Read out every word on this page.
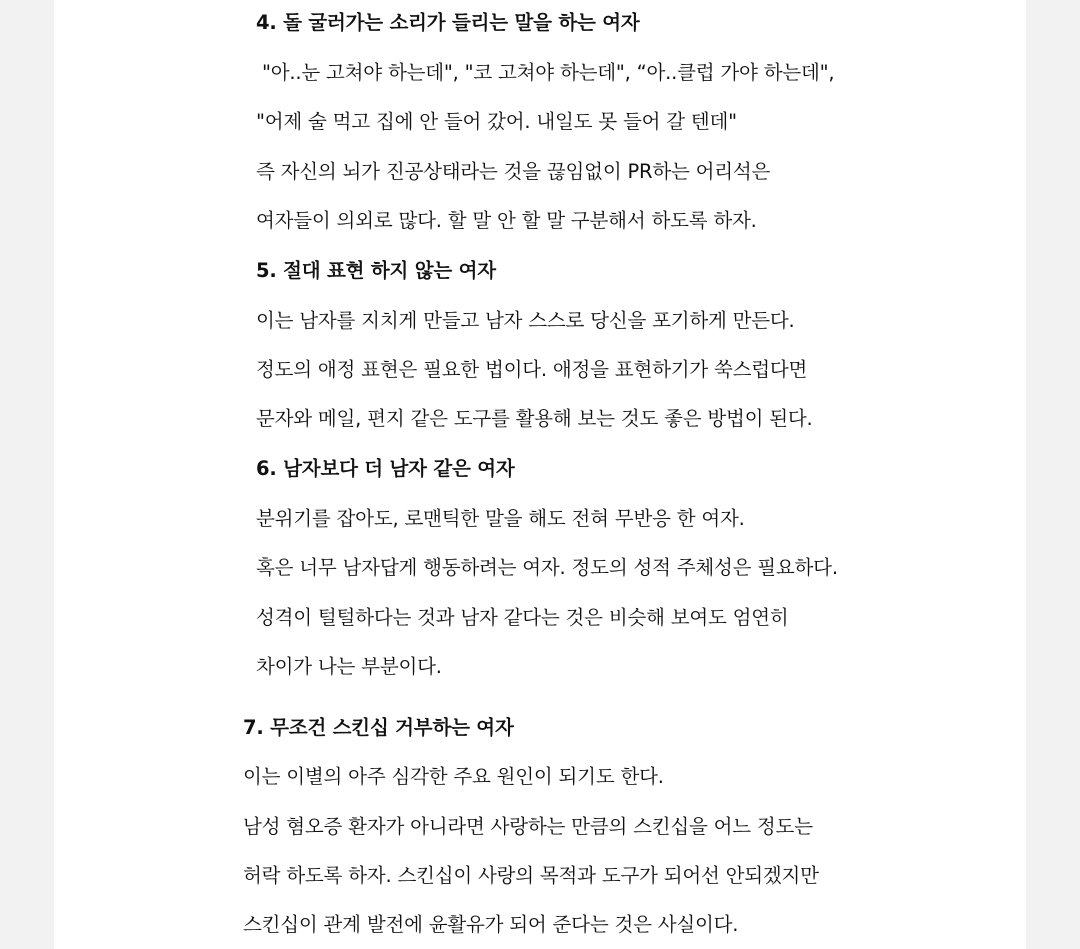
4. 돌 굴러가는 소리가 들리는 말을 하는 여자
"아..눈 고쳐야 하는데", "코 고쳐야 하는데", “아..클럽 가야 하는데",
"어제 술 먹고 집에 안 들어 갔어. 내일도 못 들어 갈 텐데"
즉 자신의 뇌가 진공상태라는 것을 끊임없이 PR하는 어리석은
여자들이 의외로 많다. 할 말 안 할 말 구분해서 하도록 하자.
5. 절대 표현 하지 않는 여자
이는 남자를 지치게 만들고 남자 스스로 당신을 포기하게 만든다.
정도의 애정 표현은 필요한 법이다. 애정을 표현하기가 쑥스럽다면
문자와 메일, 편지 같은 도구를 활용해 보는 것도 좋은 방법이 된다.
6. 남자보다 더 남자 같은 여자
분위기를 잡아도, 로맨틱한 말을 해도 전혀 무반응 한 여자.
혹은 너무 남자답게 행동하려는 여자. 정도의 성적 주체성은 필요하다.
성격이 털털하다는 것과 남자 같다는 것은 비슷해 보여도 엄연히
차이가 나는 부분이다.
7. 무조건 스킨십 거부하는 여자
이는 이별의 아주 심각한 주요 원인이 되기도 한다.
남성 혐오증 환자가 아니라면 사랑하는 만큼의 스킨십을 어느 정도는
허락 하도록 하자. 스킨십이 사랑의 목적과 도구가 되어선 안되겠지만
스킨십이 관계 발전에 윤활유가 되어 준다는 것은 사실이다.
